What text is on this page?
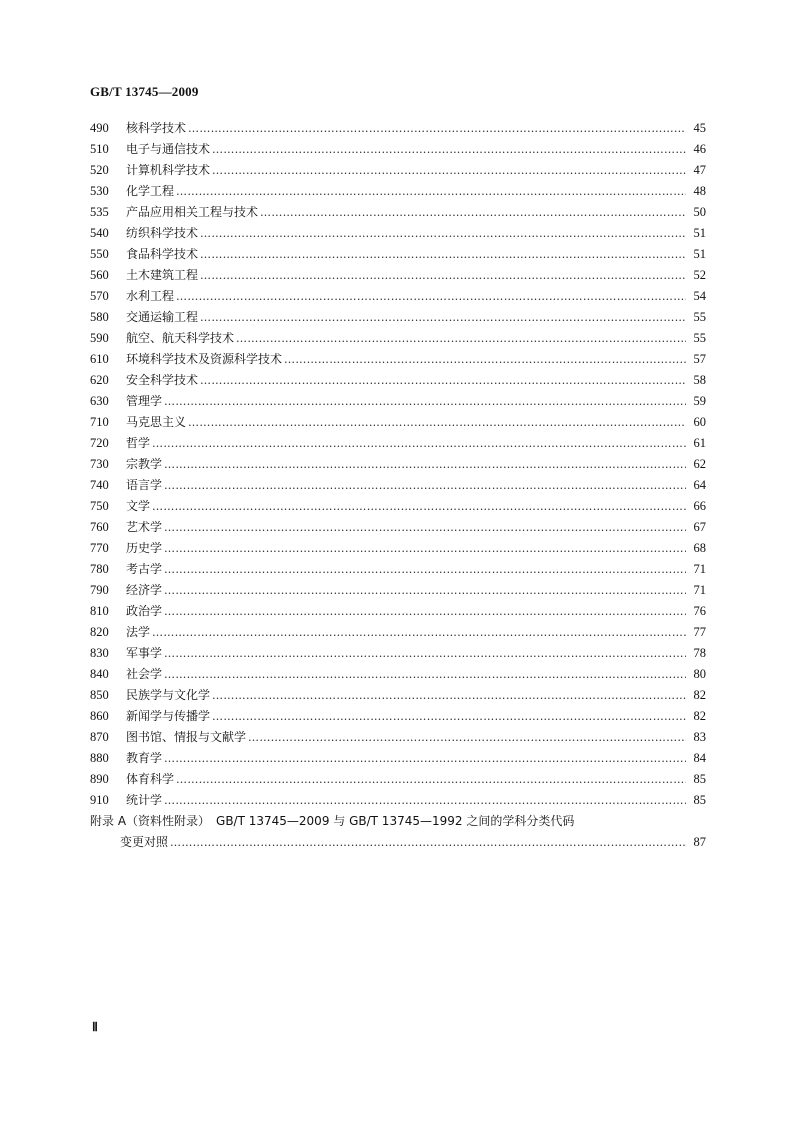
GB/T 13745—2009
490	核科学技术 …………………………………………………………………………………………………………………………………………………………………………………………………………………………………………………………	45
510	电子与通信技术 …………………………………………………………………………………………………………………………………………………………………………………………………………………………………………………………	46
520	计算机科学技术 …………………………………………………………………………………………………………………………………………………………………………………………………………………………………………………………	47
530	化学工程 …………………………………………………………………………………………………………………………………………………………………………………………………………………………………………………………	48
535	产品应用相关工程与技术 …………………………………………………………………………………………………………………………………………………………………………………………………………………………………………………………	50
540	纺织科学技术 …………………………………………………………………………………………………………………………………………………………………………………………………………………………………………………………	51
550	食品科学技术 …………………………………………………………………………………………………………………………………………………………………………………………………………………………………………………………	51
560	土木建筑工程 …………………………………………………………………………………………………………………………………………………………………………………………………………………………………………………………	52
570	水利工程 …………………………………………………………………………………………………………………………………………………………………………………………………………………………………………………………	54
580	交通运输工程 …………………………………………………………………………………………………………………………………………………………………………………………………………………………………………………………	55
590	航空、航天科学技术 …………………………………………………………………………………………………………………………………………………………………………………………………………………………………………………………	55
610	环境科学技术及资源科学技术 …………………………………………………………………………………………………………………………………………………………………………………………………………………………………………………………	57
620	安全科学技术 …………………………………………………………………………………………………………………………………………………………………………………………………………………………………………………………	58
630	管理学 …………………………………………………………………………………………………………………………………………………………………………………………………………………………………………………………	59
710	马克思主义 …………………………………………………………………………………………………………………………………………………………………………………………………………………………………………………………	60
720	哲学 …………………………………………………………………………………………………………………………………………………………………………………………………………………………………………………………	61
730	宗教学 …………………………………………………………………………………………………………………………………………………………………………………………………………………………………………………………	62
740	语言学 …………………………………………………………………………………………………………………………………………………………………………………………………………………………………………………………	64
750	文学 …………………………………………………………………………………………………………………………………………………………………………………………………………………………………………………………	66
760	艺术学 …………………………………………………………………………………………………………………………………………………………………………………………………………………………………………………………	67
770	历史学 …………………………………………………………………………………………………………………………………………………………………………………………………………………………………………………………	68
780	考古学 …………………………………………………………………………………………………………………………………………………………………………………………………………………………………………………………	71
790	经济学 …………………………………………………………………………………………………………………………………………………………………………………………………………………………………………………………	71
810	政治学 …………………………………………………………………………………………………………………………………………………………………………………………………………………………………………………………	76
820	法学 …………………………………………………………………………………………………………………………………………………………………………………………………………………………………………………………	77
830	军事学 …………………………………………………………………………………………………………………………………………………………………………………………………………………………………………………………	78
840	社会学 …………………………………………………………………………………………………………………………………………………………………………………………………………………………………………………………	80
850	民族学与文化学 …………………………………………………………………………………………………………………………………………………………………………………………………………………………………………………………	82
860	新闻学与传播学 …………………………………………………………………………………………………………………………………………………………………………………………………………………………………………………………	82
870	图书馆、情报与文献学 …………………………………………………………………………………………………………………………………………………………………………………………………………………………………………………………	83
880	教育学 …………………………………………………………………………………………………………………………………………………………………………………………………………………………………………………………	84
890	体育科学 …………………………………………………………………………………………………………………………………………………………………………………………………………………………………………………………	85
910	统计学 …………………………………………………………………………………………………………………………………………………………………………………………………………………………………………………………	85
附录 A（资料性附录）　GB/T 13745—2009 与 GB/T 13745—1992 之间的学科分类代码
变更对照 …………………………………………………………………………………………………………………………………………………………………………………………………………………………………………………………	87
Ⅱ
